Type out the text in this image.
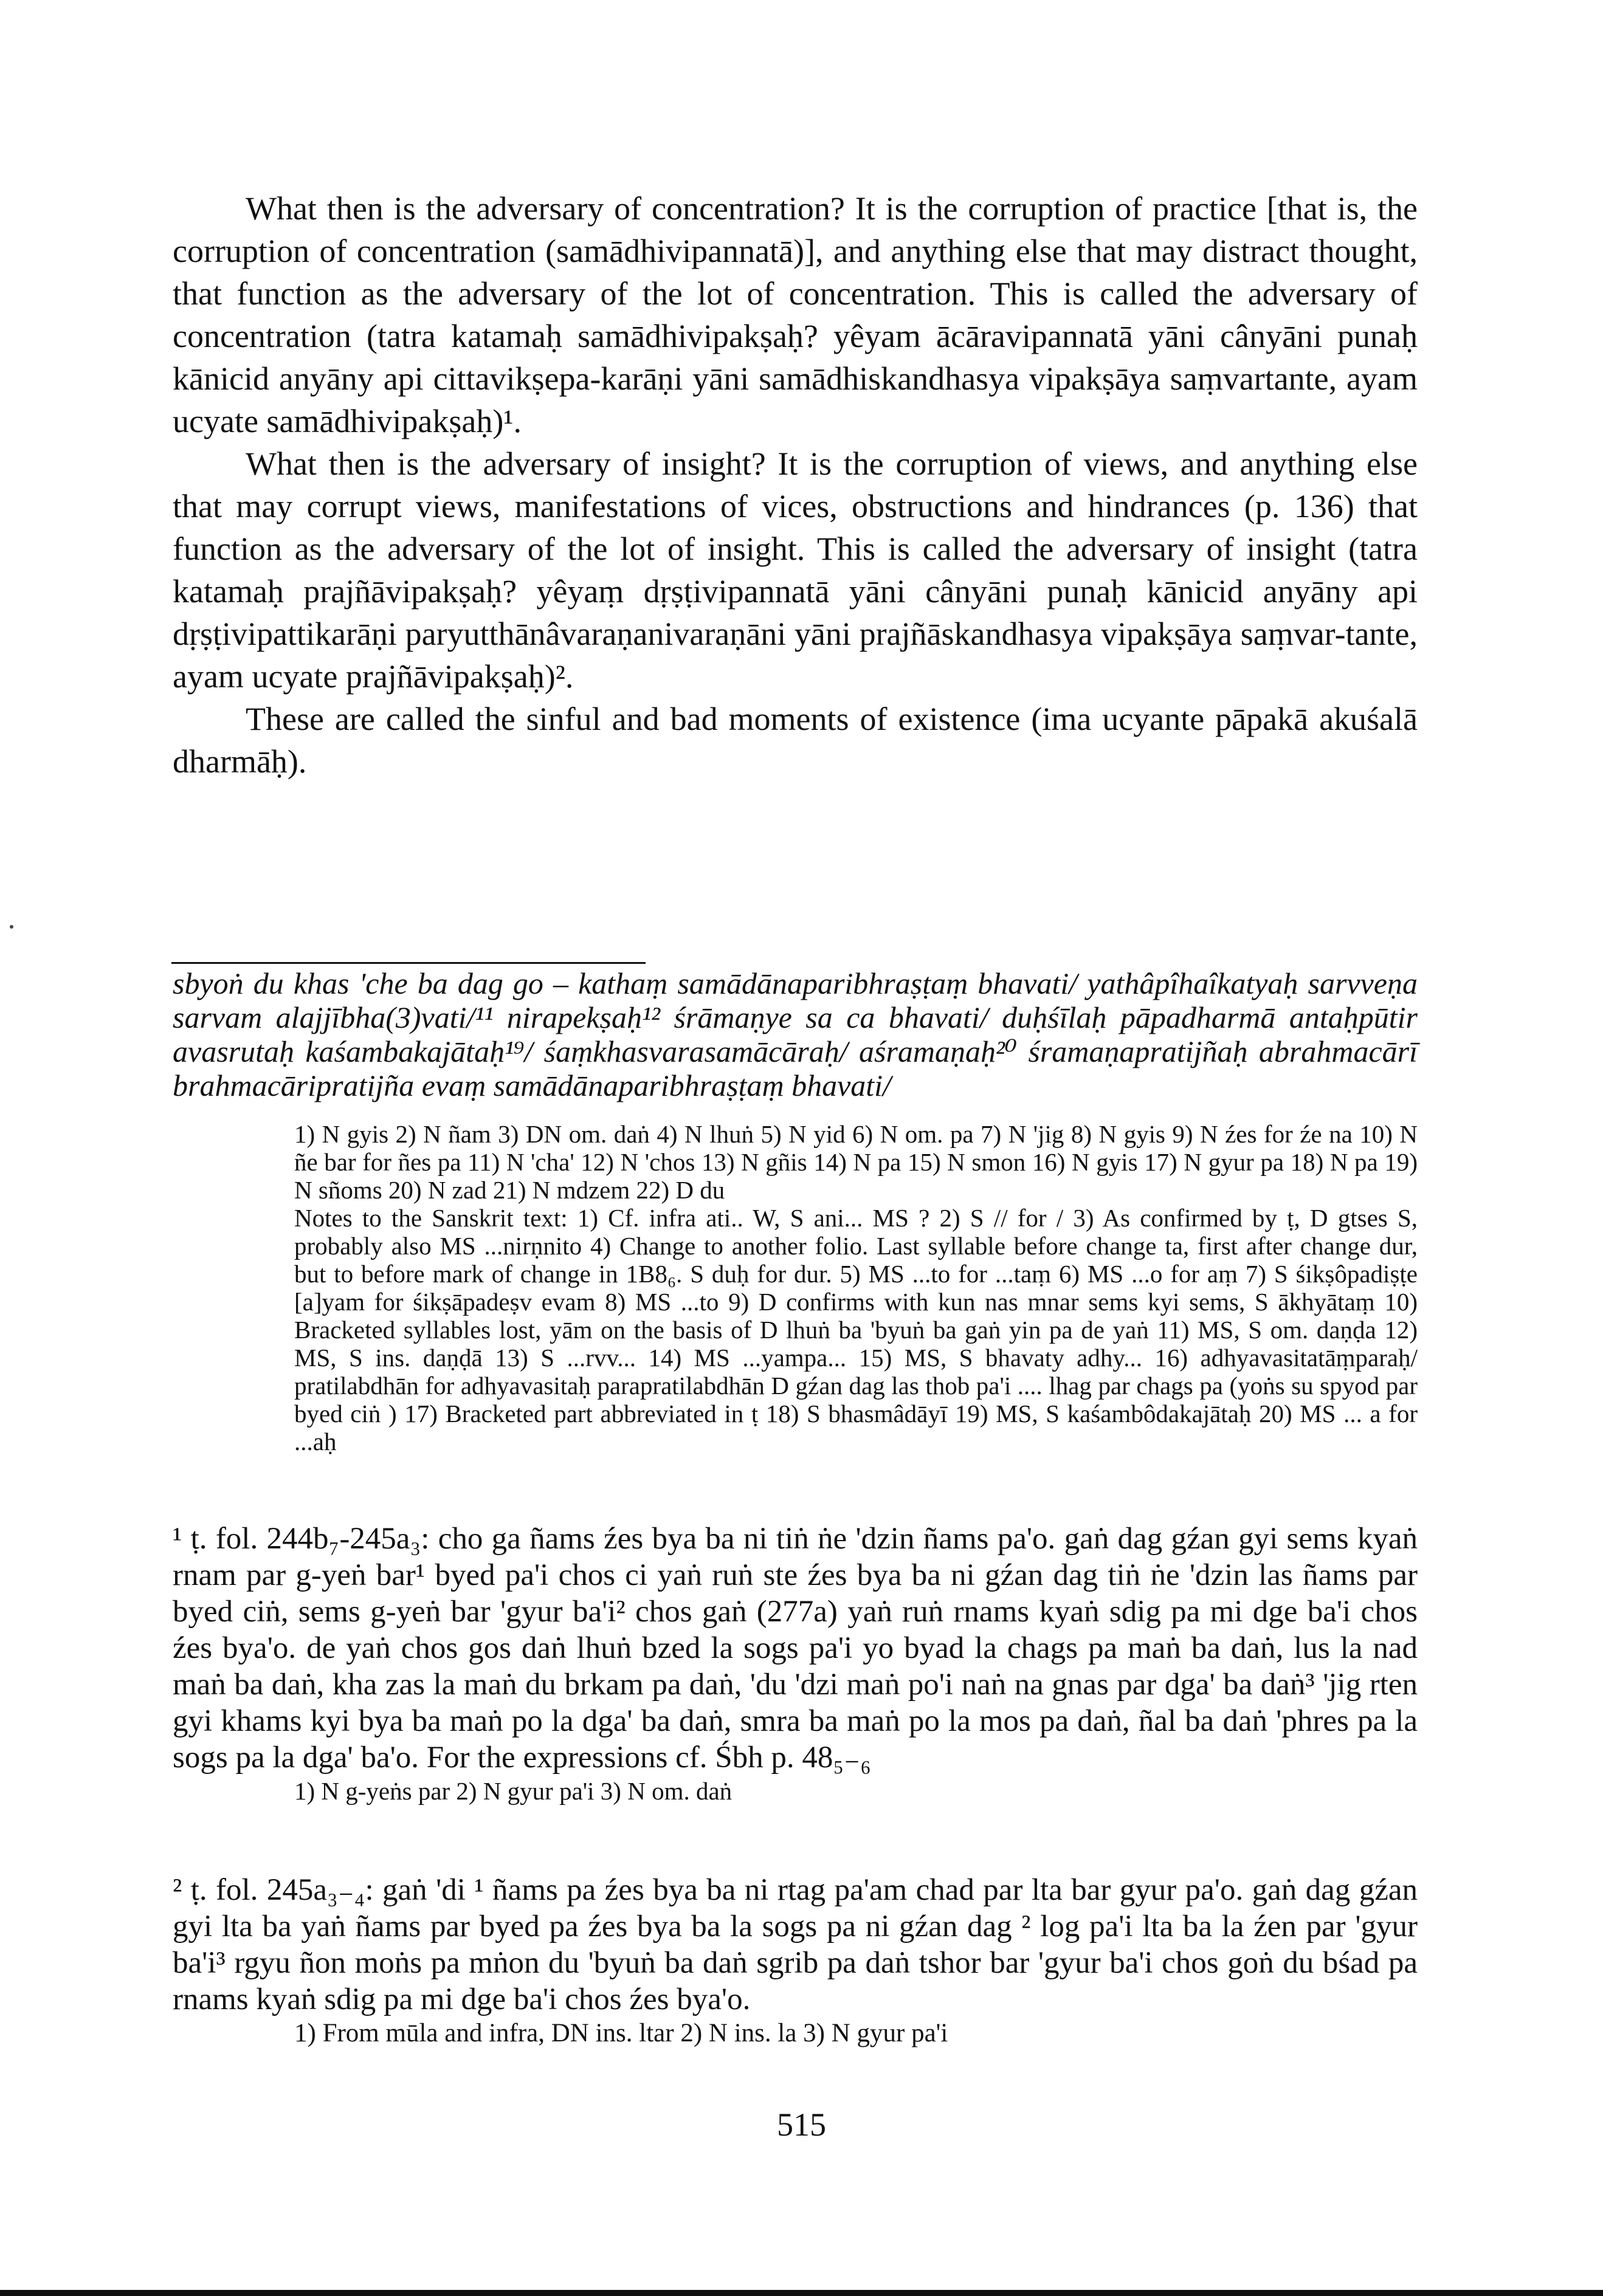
What then is the adversary of concentration? It is the corruption of practice [that is, the corruption of concentration (samādhivipannatā)], and anything else that may distract thought, that function as the adversary of the lot of concentration. This is called the adversary of concentration (tatra katamaḥ samādhivipakṣaḥ? yêyam ācāravipannatā yāni cânyāni punaḥ kānicid anyāny api cittavikṣepa-karāṇi yāni samādhiskandhasya vipakṣāya saṃvartante, ayam ucyate samādhivipakṣaḥ)¹.

What then is the adversary of insight? It is the corruption of views, and anything else that may corrupt views, manifestations of vices, obstructions and hindrances (p. 136) that function as the adversary of the lot of insight. This is called the adversary of insight (tatra katamaḥ prajñāvipakṣaḥ? yêyaṃ dṛṣṭivipannatā yāni cânyāni punaḥ kānicid anyāny api dṛṣṭivipattikarāṇi paryutthānâvaraṇanivaraṇāni yāni prajñāskandhasya vipakṣāya saṃvar-tante, ayam ucyate prajñāvipakṣaḥ)².

These are called the sinful and bad moments of existence (ima ucyante pāpakā akuśalā dharmāḥ).

sbyoṅ du khas 'che ba dag go – kathaṃ samādānaparibhraṣṭaṃ bhavati/ yathâpîhaîkatyaḥ sarvveṇa sarvam alajjībha(3)vati/¹¹ nirapekṣaḥ¹² śrāmaṇye sa ca bhavati/ duḥśīlaḥ pāpadharmā antaḥpūtir avasrutaḥ kaśambakajātaḥ¹⁹/ śaṃkhasvarasamācāraḥ/ aśramaṇaḥ²⁰ śramaṇapratijñaḥ abrahmacārī brahmacāripratijña evaṃ samādānaparibhraṣṭaṃ bhavati/

1) N gyis 2) N ñam 3) DN om. daṅ 4) N lhuṅ 5) N yid 6) N om. pa 7) N 'jig 8) N gyis 9) N źes for źe na 10) N ñe bar for ñes pa 11) N 'cha' 12) N 'chos 13) N gñis 14) N pa 15) N smon 16) N gyis 17) N gyur pa 18) N pa 19) N sñoms 20) N zad 21) N mdzem 22) D du

Notes to the Sanskrit text: 1) Cf. infra ati.. W, S ani... MS ? 2) S // for / 3) As confirmed by ṭ, D gtses S, probably also MS ...nirṇnito 4) Change to another folio. Last syllable before change ta, first after change dur, but to before mark of change in 1B8₆. S duḥ for dur. 5) MS ...to for ...taṃ 6) MS ...o for aṃ 7) S śikṣôpadiṣṭe [a]yam for śikṣāpadeṣv evam 8) MS ...to 9) D confirms with kun nas mnar sems kyi sems, S ākhyātaṃ 10) Bracketed syllables lost, yām on the basis of D lhuṅ ba 'byuṅ ba gaṅ yin pa de yaṅ 11) MS, S om. daṇḍa 12) MS, S ins. daṇḍā 13) S ...rvv... 14) MS ...yampa... 15) MS, S bhavaty adhy... 16) adhyavasitatāṃparaḥ/ pratilabdhān for adhyavasitaḥ parapratilabdhān D gźan dag las thob pa'i .... lhag par chags pa (yoṅs su spyod par byed ciṅ ) 17) Bracketed part abbreviated in ṭ 18) S bhasmâdāyī 19) MS, S kaśambôdakajātaḥ 20) MS ... a for ...aḥ

¹ ṭ. fol. 244b₇-245a₃: cho ga ñams źes bya ba ni tiṅ ṅe 'dzin ñams pa'o. gaṅ dag gźan gyi sems kyaṅ rnam par g-yeṅ bar¹ byed pa'i chos ci yaṅ ruṅ ste źes bya ba ni gźan dag tiṅ ṅe 'dzin las ñams par byed ciṅ, sems g-yeṅ bar 'gyur ba'i² chos gaṅ (277a) yaṅ ruṅ rnams kyaṅ sdig pa mi dge ba'i chos źes bya'o. de yaṅ chos gos daṅ lhuṅ bzed la sogs pa'i yo byad la chags pa maṅ ba daṅ, lus la nad maṅ ba daṅ, kha zas la maṅ du brkam pa daṅ, 'du 'dzi maṅ po'i naṅ na gnas par dga' ba daṅ³ 'jig rten gyi khams kyi bya ba maṅ po la dga' ba daṅ, smra ba maṅ po la mos pa daṅ, ñal ba daṅ 'phres pa la sogs pa la dga' ba'o. For the expressions cf. Śbh p. 48₅₋₆

1) N g-yeṅs par 2) N gyur pa'i 3) N om. daṅ

² ṭ. fol. 245a₃₋₄: gaṅ 'di ¹ ñams pa źes bya ba ni rtag pa'am chad par lta bar gyur pa'o. gaṅ dag gźan gyi lta ba yaṅ ñams par byed pa źes bya ba la sogs pa ni gźan dag ² log pa'i lta ba la źen par 'gyur ba'i³ rgyu ñon moṅs pa mṅon du 'byuṅ ba daṅ sgrib pa daṅ tshor bar 'gyur ba'i chos goṅ du bśad pa rnams kyaṅ sdig pa mi dge ba'i chos źes bya'o.

1) From mūla and infra, DN ins. ltar 2) N ins. la 3) N gyur pa'i

515
